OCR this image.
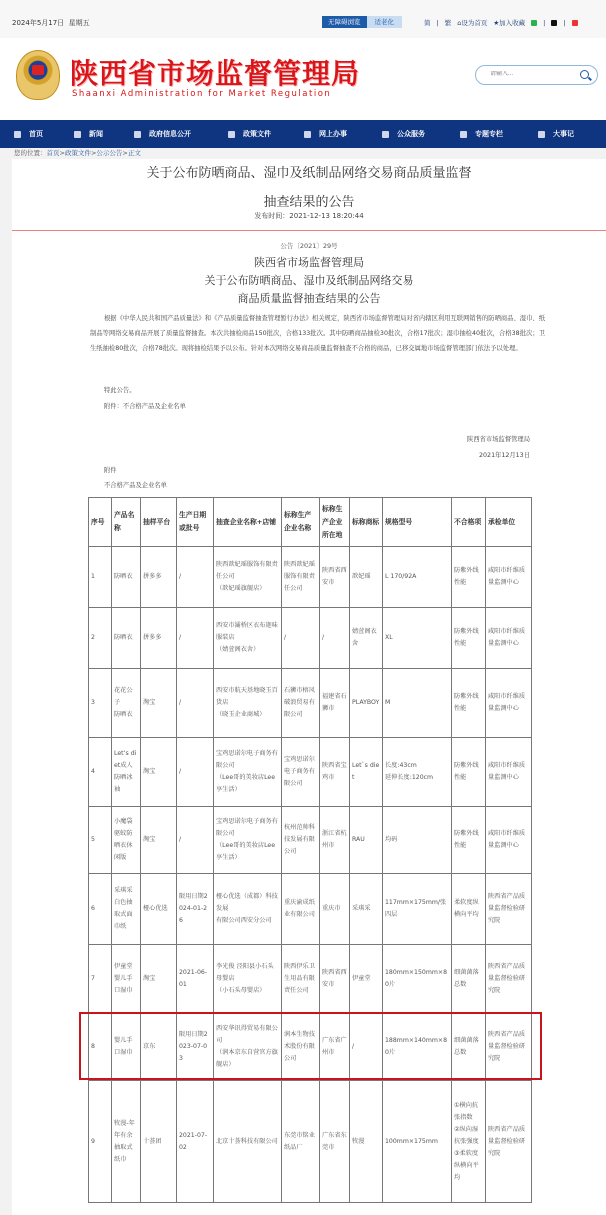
2024年5月17日 星期五	无障碍浏览	适老化	简 | 繁 ⌂设为首页 ★加入收藏	|	|
陕西省市场监督管理局
Shaanxi Administration for Market Regulation
请输入...
首页	新闻	政府信息公开	政策文件	网上办事	公众服务	专题专栏	大事记
关于公布防晒商品、湿巾及纸制品网络交易商品质量监督
抽查结果的公告
发布时间：2021-12-13 18:20:44
公告〔2021〕29号
陕西省市场监督管理局
关于公布防晒商品、湿巾及纸制品网络交易
商品质量监督抽查结果的公告
根据《中华人民共和国产品质量法》和《产品质量监督抽查管理暂行办法》相关规定，陕西省市场监督管理局对省内辖区利用互联网销售的防晒商品、湿巾、纸制品等网络交易商品开展了质量监督抽查。本次共抽检商品150批次，合格133批次。其中防晒商品抽检30批次，合格17批次；湿巾抽检40批次，合格38批次；卫生纸抽检80批次，合格78批次。现将抽检结果予以公布。针对本次网络交易商品质量监督抽查不合格的商品，已移交属地市场监督管理部门依法予以处理。
特此公告。
附件：不合格产品及企业名单
陕西省市场监督管理局
2021年12月13日
附件
不合格产品及企业名单
您的位置：首页>政策文件>公示公告>正文
序号	产品名称	抽样平台	生产日期或批号	抽查企业名称+店铺	标称生产企业名称	标称生产企业所在地	标称商标	规格型号	不合格项	承检单位
1	防晒衣	拼多多	/	陕西歆妃瑶服饰有限责任公司
（歆妃瑶旗舰店）	陕西歆妃瑶
服饰有限责任公司	陕西省西安市	歆妃瑶	L 170/92A	防紫外线性能	咸阳市纤维质量监测中心
2	防晒衣	拼多多	/	西安市灞桥区衣布迦味服装店
（婧萱阁衣舍）	/	/	婧萱阁衣舍	XL	防紫外线性能	咸阳市纤维质量监测中心
3	花花公子
防晒衣	淘宝	/	西安市航天基地晓玉百货店
（晓玉企业商城）	石狮市榕风破浪贸易有限公司	福建省石狮市	PLAYBOY	M	防紫外线性能	咸阳市纤维质量监测中心
4	Let’s diet成人防晒冰袖	淘宝	/	宝鸡思诺尔电子商务有限公司
（Lee哥的美妆店Lee享生活）	宝鸡思诺尔
电子商务有限公司	陕西省宝鸡市	Let`s diet	长度:43cm
延伸长度:120cm	防紫外线性能	咸阳市纤维质量监测中心
5	小魔袋驱蚊防晒衣休闲版	淘宝	/	宝鸡思诺尔电子商务有限公司
（Lee哥的美妆店Lee享生活）	杭州范帅科技发展有限公司	浙江省杭州市	RAU	均码	防紫外线性能	咸阳市纤维质量监测中心
6	采琪采白色抽取式面巾纸	桠心优选	限用日期2024-01-26	桠心优选（成都）科技发展
有限公司西安分公司	重庆渝成纸业有限公司	重庆市	采琪采	117mm×175mm/张四层	柔软度纵横向平均	陕西省产品质量监督检验研究院
7	伊童堂婴儿手口湿巾	淘宝	2021-06-01	李光俊 泾阳县小石头母婴店
（小石头母婴店）	陕西伊乐卫生用品有限责任公司	陕西省西安市	伊童堂	180mm×150mm×80片	细菌菌落总数	陕西省产品质量监督检验研究院
8	婴儿手口湿巾	京东	限用日期2023-07-03	西安华讯得贸易有限公司
（润本京东自营官方旗舰店）	润本生物技术股份有限公司	广东省广州市	/	188mm×140mm×80片	细菌菌落总数	陕西省产品质量监督检验研究院
9	牧漫-年年有余抽取式纸巾	十荟团	2021-07-02	北京十荟科技有限公司	东莞市铭业
纸品厂	广东省东莞市	牧漫	100mm×175mm	①横向抗张指数
②纵向湿抗张强度
③柔软度纵横向平均	陕西省产品质量监督检验研究院
